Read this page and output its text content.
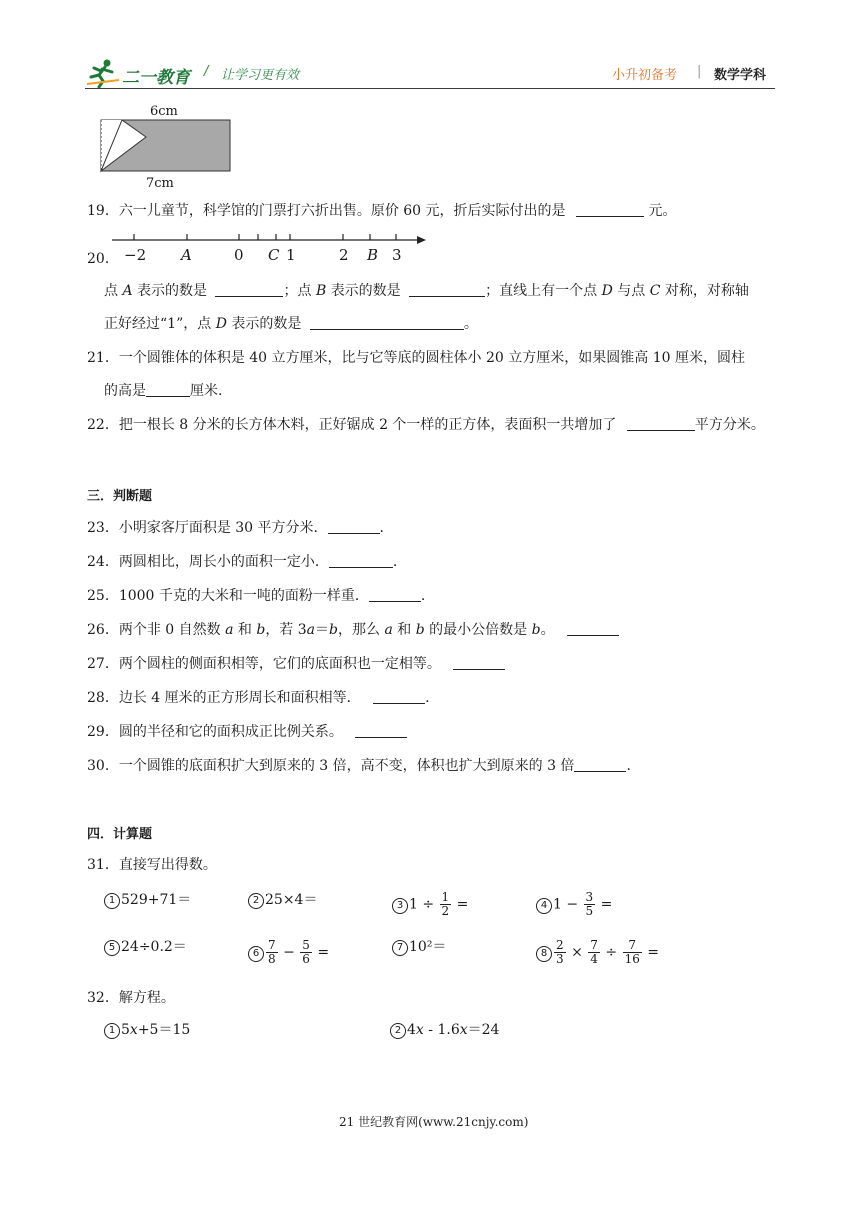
二一教育 / 让学习更有效	小升初备考 | 数学学科
6cm
7cm
19．六一儿童节，科学馆的门票打六折出售。原价 60 元，折后实际付出的是	元。
20． −2 A	0 C 1	2 B 3
点 A 表示的数是	；点 B 表示的数是	；直线上有一个点 D 与点 C 对称，对称轴
正好经过“1”，点 D 表示的数是	。
21．一个圆锥体的体积是 40 立方厘米，比与它等底的圆柱体小 20 立方厘米，如果圆锥高 10 厘米，圆柱
的高是	厘米.
22．把一根长 8 分米的长方体木料，正好锯成 2 个一样的正方体，表面积一共增加了	平方分米。
三．判断题
23．小明家客厅面积是 30 平方分米．	.
24．两圆相比，周长小的面积一定小．	.
25．1000 千克的大米和一吨的面粉一样重．	.
26．两个非 0 自然数 a 和 b，若 3a＝b，那么 a 和 b 的最小公倍数是 b。
27．两个圆柱的侧面积相等，它们的底面积也一定相等。
28．边长 4 厘米的正方形周长和面积相等．	.
29．圆的半径和它的面积成正比例关系。
30．一个圆锥的底面积扩大到原来的 3 倍，高不变，体积也扩大到原来的 3 倍	.
四．计算题
31．直接写出得数。
1 529+71＝	2 25×4＝	3 $1 \div \frac{1}{2}$ =	4 $1 - \frac{3}{5}$ =
5 24÷0.2＝	$6 \frac{7}{8} - \frac{5}{6}$ =	7 10²＝	$8 \frac{2}{3} \times \frac{7}{4} \div \frac{7}{16}$ =
32．解方程。
1 5x+5＝15	2 4x - 1.6x＝24
21 世纪教育网(www.21cnjy.com)
